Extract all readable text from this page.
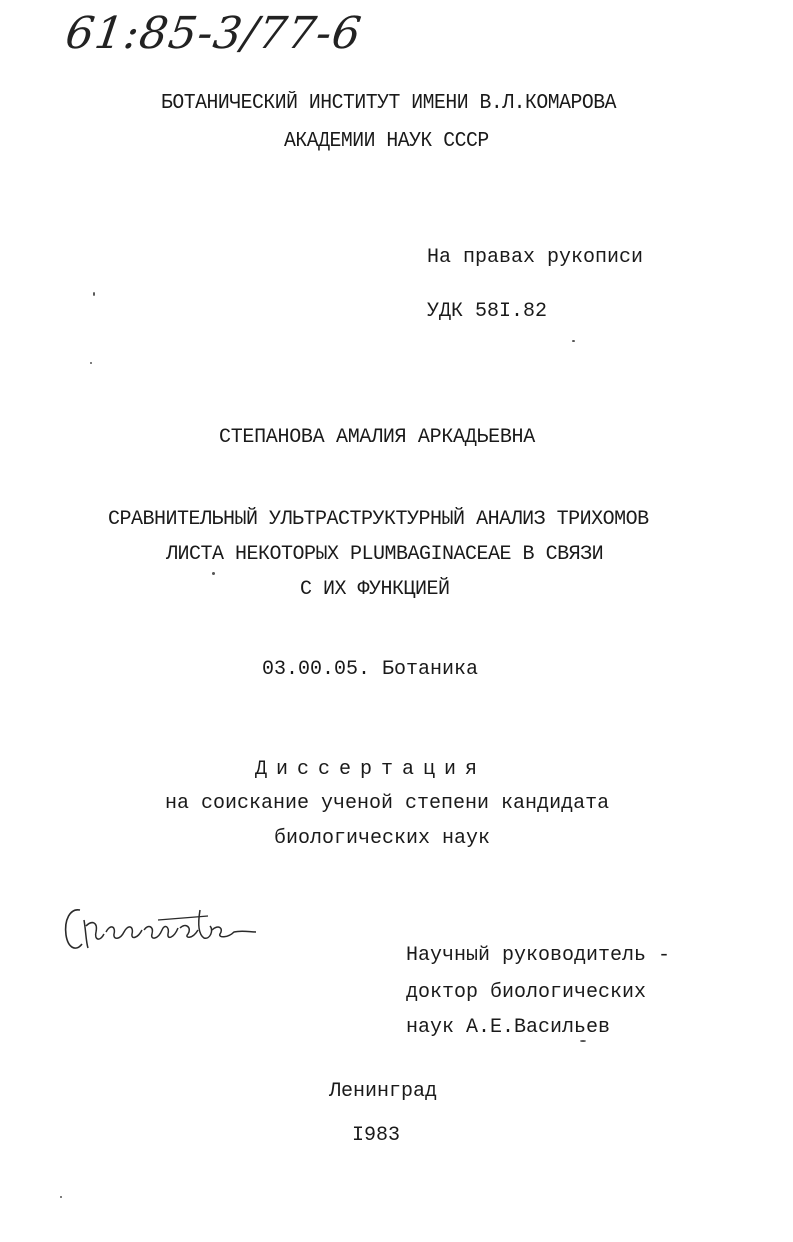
61:85-3/77-6
БОТАНИЧЕСКИЙ ИНСТИТУТ ИМЕНИ В.Л.КОМАРОВА
АКАДЕМИИ НАУК СССР
На правах рукописи
УДК 58I.82
СТЕПАНОВА АМАЛИЯ АРКАДЬЕВНА
СРАВНИТЕЛЬНЫЙ УЛЬТРАСТРУКТУРНЫЙ АНАЛИЗ ТРИХОМОВ
ЛИСТА НЕКОТОРЫХ PLUMBAGINACEAE В СВЯЗИ
С ИХ ФУНКЦИЕЙ
03.00.05. Ботаника
Диссертация
на соискание ученой степени кандидата
биологических наук
Научный руководитель -
доктор биологических
наук А.Е.Васильев
Ленинград
I983
